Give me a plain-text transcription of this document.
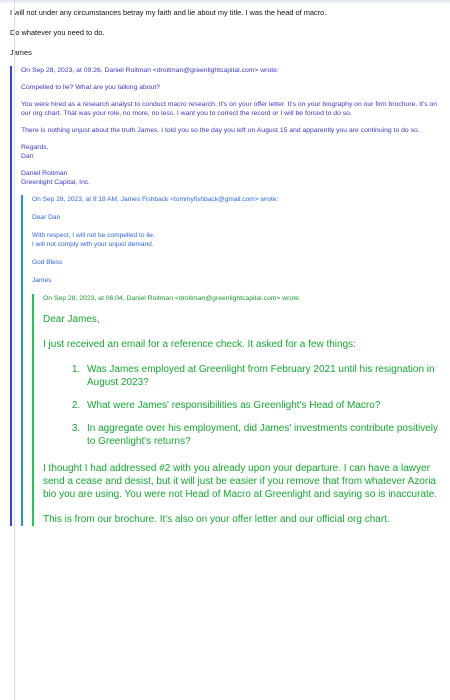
I will not under any circumstances betray my faith and lie about my title. I was the head of macro.

Do whatever you need to do.

James

On Sep 28, 2023, at 09:26, Daniel Roitman <droitman@greenlightcapital.com> wrote:

Compelled to lie? What are you talking about?

You were hired as a research analyst to conduct macro research. It's on your offer letter. It's on your biography on our firm brochure. It's on our org chart. That was your role, no more, no less. I want you to correct the record or I will be forced to do so.

There is nothing unjust about the truth James. I told you so the day you left on August 15 and apparently you are continuing to do so.

Regards,
Dan

Daniel Roitman
Greenlight Capital, Inc.

On Sep 28, 2023, at 9:18 AM, James Fishback <tommyfishback@gmail.com> wrote:

Dear Dan

With respect, I will not be compelled to lie.
I will not comply with your unjust demand.

God Bless

James

On Sep 28, 2023, at 06:04, Daniel Roitman <droitman@greenlightcapital.com> wrote:

Dear James,

I just received an email for a reference check. It asked for a few things:

1. Was James employed at Greenlight from February 2021 until his resignation in August 2023?
2. What were James' responsibilities as Greenlight's Head of Macro?
3. In aggregate over his employment, did James' investments contribute positively to Greenlight's returns?

I thought I had addressed #2 with you already upon your departure. I can have a lawyer send a cease and desist, but it will just be easier if you remove that from whatever Azoria bio you are using. You were not Head of Macro at Greenlight and saying so is inaccurate.

This is from our brochure. It's also on your offer letter and our official org chart.
